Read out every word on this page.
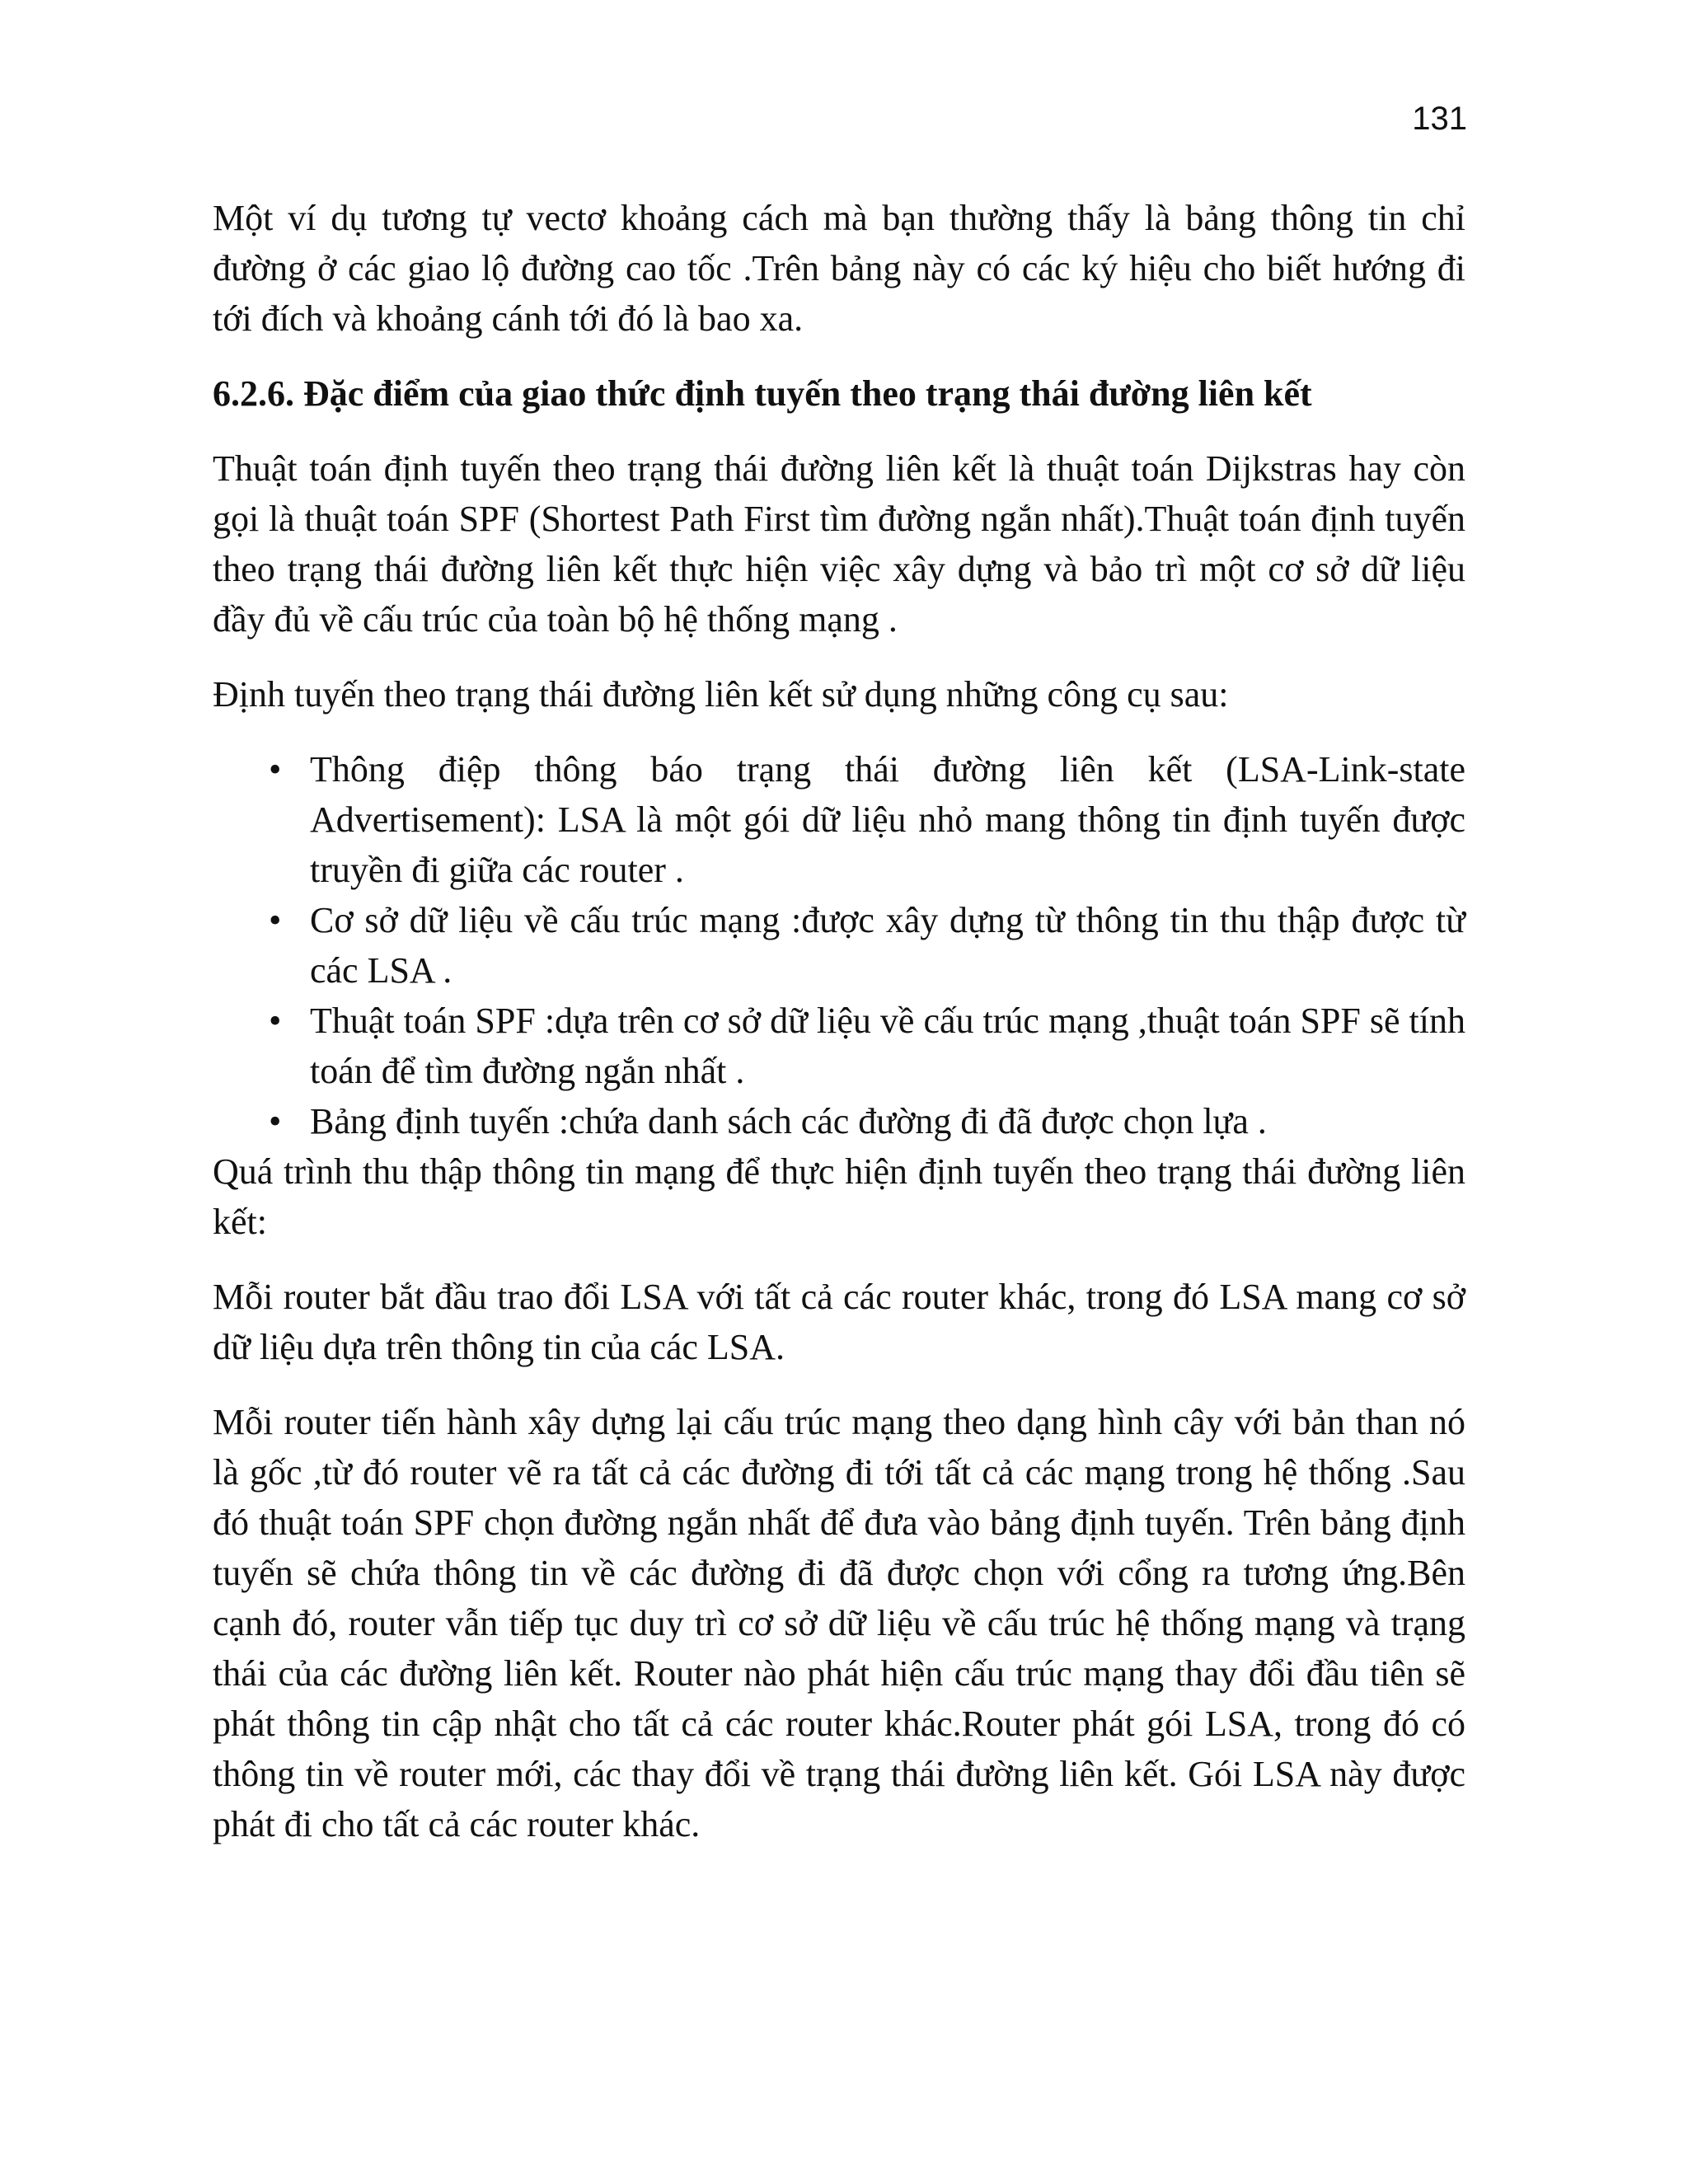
131

Một ví dụ tương tự vectơ khoảng cách mà bạn thường thấy là bảng thông tin chỉ đường ở các giao lộ đường cao tốc .Trên bảng này có các ký hiệu cho biết hướng đi tới đích và khoảng cánh tới đó là bao xa.

6.2.6. Đặc điểm của giao thức định tuyến theo trạng thái đường liên kết

Thuật toán định tuyến theo trạng thái đường liên kết là thuật toán Dijkstras hay còn gọi là thuật toán SPF (Shortest Path First tìm đường ngắn nhất).Thuật toán định tuyến theo trạng thái đường liên kết thực hiện việc xây dựng và bảo trì một cơ sở dữ liệu đầy đủ về cấu trúc của toàn bộ hệ thống mạng .

Định tuyến theo trạng thái đường liên kết sử dụng những công cụ sau:

• Thông điệp thông báo trạng thái đường liên kết (LSA-Link-state Advertisement): LSA là một gói dữ liệu nhỏ mang thông tin định tuyến được truyền đi giữa các router .
• Cơ sở dữ liệu về cấu trúc mạng :được xây dựng từ thông tin thu thập được từ các LSA .
• Thuật toán SPF :dựa trên cơ sở dữ liệu về cấu trúc mạng ,thuật toán SPF sẽ tính toán để tìm đường ngắn nhất .
• Bảng định tuyến :chứa danh sách các đường đi đã được chọn lựa .

Quá trình thu thập thông tin mạng để thực hiện định tuyến theo trạng thái đường liên kết:

Mỗi router bắt đầu trao đổi LSA với tất cả các router khác, trong đó LSA mang cơ sở dữ liệu dựa trên thông tin của các LSA.

Mỗi router tiến hành xây dựng lại cấu trúc mạng theo dạng hình cây với bản than nó là gốc ,từ đó router vẽ ra tất cả các đường đi tới tất cả các mạng trong hệ thống .Sau đó thuật toán SPF chọn đường ngắn nhất để đưa vào bảng định tuyến. Trên bảng định tuyến sẽ chứa thông tin về các đường đi đã được chọn với cổng ra tương ứng.Bên cạnh đó, router vẫn tiếp tục duy trì cơ sở dữ liệu về cấu trúc hệ thống mạng và trạng thái của các đường liên kết. Router nào phát hiện cấu trúc mạng thay đổi đầu tiên sẽ phát thông tin cập nhật cho tất cả các router khác.Router phát gói LSA, trong đó có thông tin về router mới, các thay đổi về trạng thái đường liên kết. Gói LSA này được phát đi cho tất cả các router khác.
